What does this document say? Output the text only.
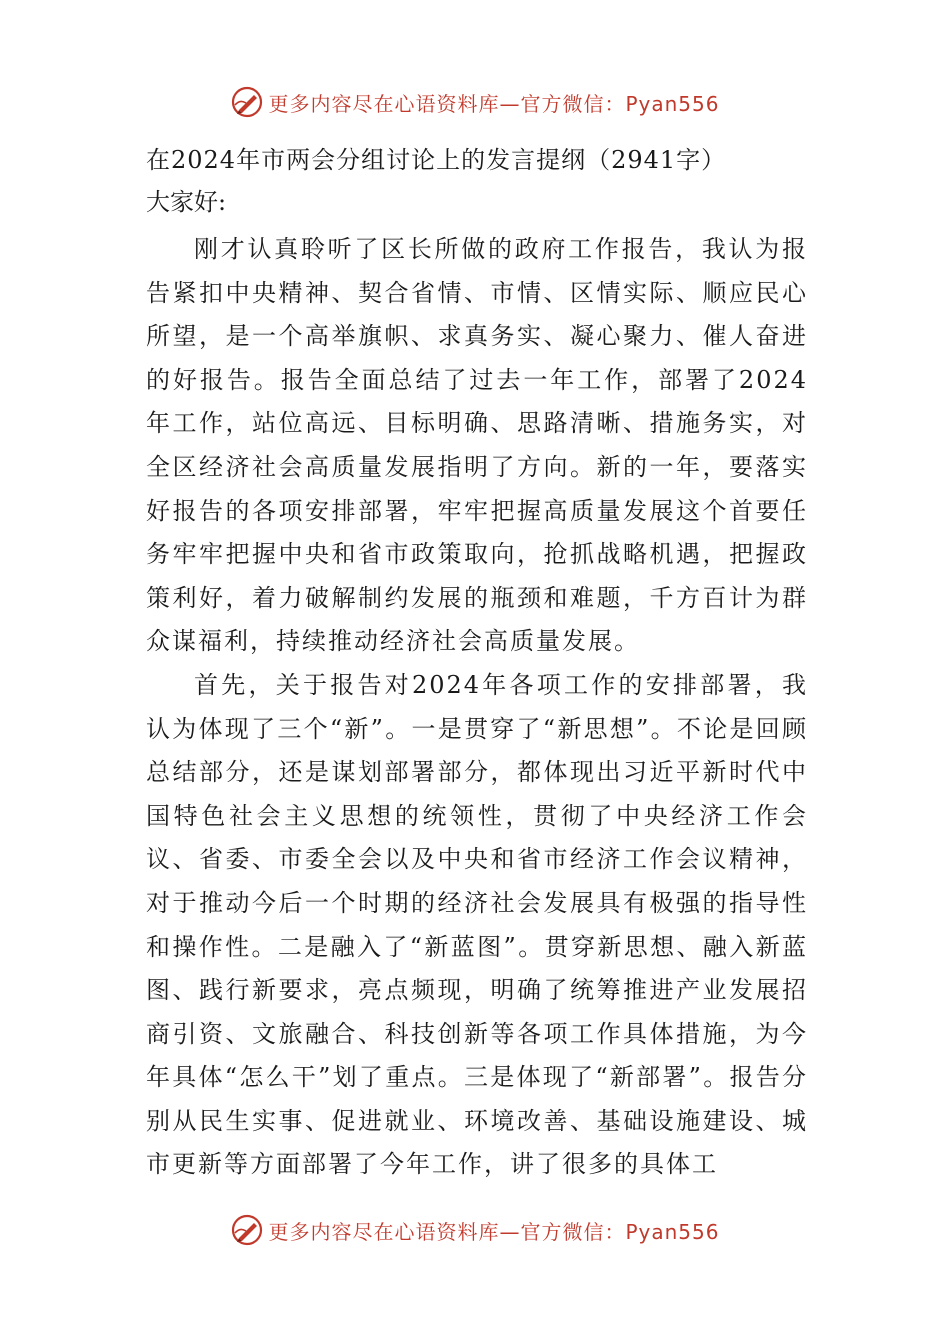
更多内容尽在心语资料库—官方微信：Pyan556
在2024年市两会分组讨论上的发言提纲（2941字）
大家好:

刚才认真聆听了区长所做的政府工作报告，我认为报告紧扣中央精神、契合省情、市情、区情实际、顺应民心所望，是一个高举旗帜、求真务实、凝心聚力、催人奋进的好报告。报告全面总结了过去一年工作，部署了2024年工作，站位高远、目标明确、思路清晰、措施务实，对全区经济社会高质量发展指明了方向。新的一年，要落实好报告的各项安排部署，牢牢把握高质量发展这个首要任务牢牢把握中央和省市政策取向，抢抓战略机遇，把握政策利好，着力破解制约发展的瓶颈和难题，千方百计为群众谋福利，持续推动经济社会高质量发展。

首先，关于报告对2024年各项工作的安排部署，我认为体现了三个“新”。一是贯穿了“新思想”。不论是回顾总结部分，还是谋划部署部分，都体现出习近平新时代中国特色社会主义思想的统领性，贯彻了中央经济工作会议、省委、市委全会以及中央和省市经济工作会议精神，对于推动今后一个时期的经济社会发展具有极强的指导性和操作性。二是融入了“新蓝图”。贯穿新思想、融入新蓝图、践行新要求，亮点频现，明确了统筹推进产业发展招商引资、文旅融合、科技创新等各项工作具体措施，为今年具体“怎么干”划了重点。三是体现了“新部署”。报告分别从民生实事、促进就业、环境改善、基础设施建设、城市更新等方面部署了今年工作，讲了很多的具体工

更多内容尽在心语资料库—官方微信：Pyan556
